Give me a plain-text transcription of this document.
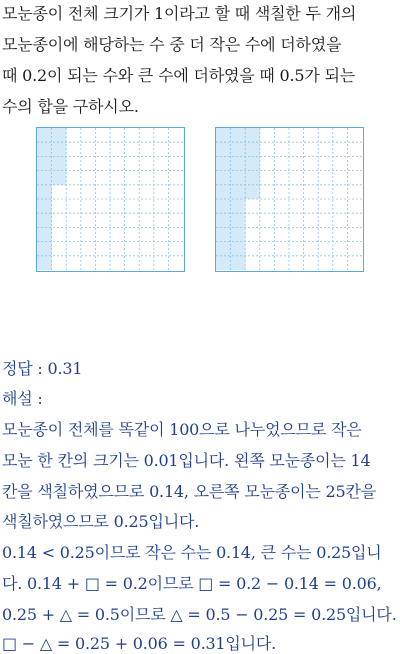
모눈종이 전체 크기가 1이라고 할 때 색칠한 두 개의
모눈종이에 해당하는 수 중 더 작은 수에 더하였을
때 0.2이 되는 수와 큰 수에 더하였을 때 0.5가 되는
수의 합을 구하시오.
정답 : 0.31
해설 :
모눈종이 전체를 똑같이 100으로 나누었으므로 작은
모눈 한 칸의 크기는 0.01입니다. 왼쪽 모눈종이는 14
칸을 색칠하였으므로 0.14, 오른쪽 모눈종이는 25칸을
색칠하였으므로 0.25입니다.
0.14 < 0.25이므로 작은 수는 0.14, 큰 수는 0.25입니
다. 0.14 + □ = 0.2이므로 □ = 0.2 − 0.14 = 0.06,
0.25 + △ = 0.5이므로 △ = 0.5 − 0.25 = 0.25입니다.
□ − △ = 0.25 + 0.06 = 0.31입니다.
